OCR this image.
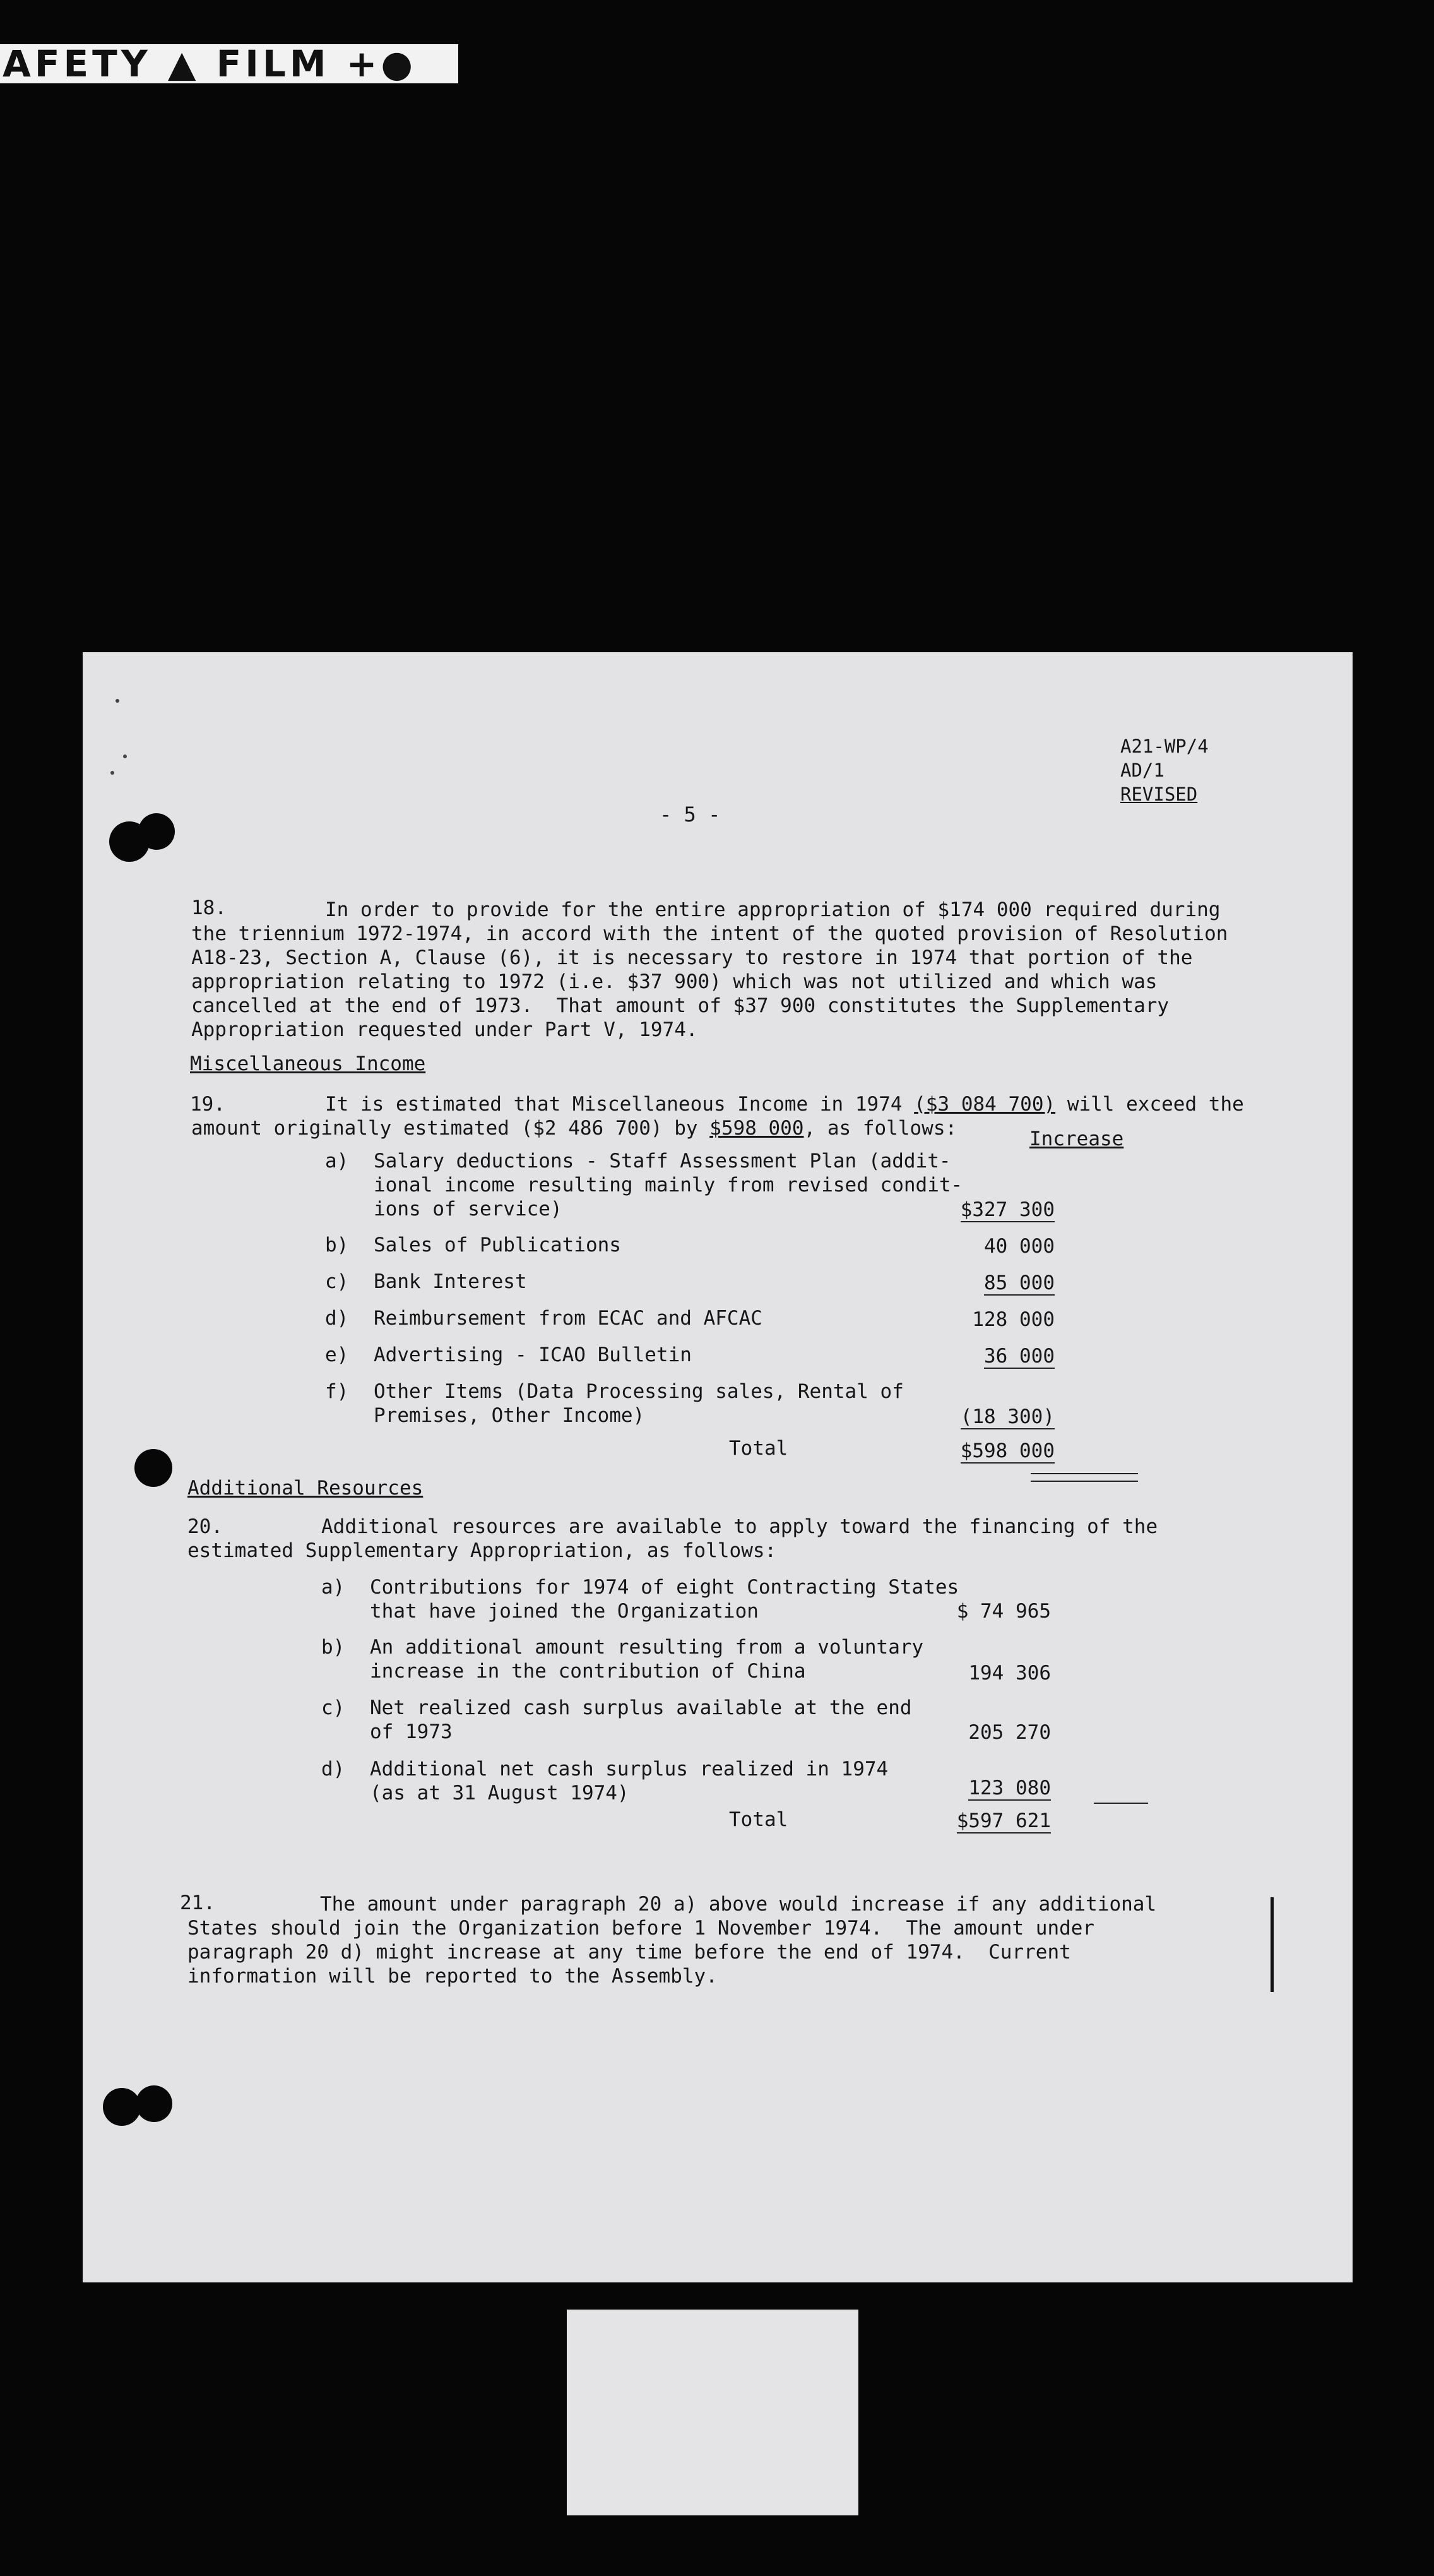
AFETY ▲ FILM +●
A21-WP/4
AD/1
REVISED
- 5 -
18.	In order to provide for the entire appropriation of $174 000 required during
the triennium 1972-1974, in accord with the intent of the quoted provision of Resolution
A18-23, Section A, Clause (6), it is necessary to restore in 1974 that portion of the
appropriation relating to 1972 (i.e. $37 900) which was not utilized and which was
cancelled at the end of 1973.  That amount of $37 900 constitutes the Supplementary
Appropriation requested under Part V, 1974.
Miscellaneous Income
19.	It is estimated that Miscellaneous Income in 1974 ($3 084 700) will exceed the
amount originally estimated ($2 486 700) by $598 000, as follows:	Increase
a) Salary deductions - Staff Assessment Plan (addit-
ional income resulting mainly from revised condit-
ions of service)	$327 300
b) Sales of Publications	40 000
c) Bank Interest	85 000
d) Reimbursement from ECAC and AFCAC	128 000
e) Advertising - ICAO Bulletin	36 000
f) Other Items (Data Processing sales, Rental of
Premises, Other Income)	(18 300)
Total	$598 000
Additional Resources
20.	Additional resources are available to apply toward the financing of the
estimated Supplementary Appropriation, as follows:
a) Contributions for 1974 of eight Contracting States
that have joined the Organization	$ 74 965
b) An additional amount resulting from a voluntary
increase in the contribution of China	194 306
c) Net realized cash surplus available at the end
of 1973	205 270
d) Additional net cash surplus realized in 1974
(as at 31 August 1974)	123 080
Total	$597 621
21.	The amount under paragraph 20 a) above would increase if any additional
States should join the Organization before 1 November 1974.  The amount under
paragraph 20 d) might increase at any time before the end of 1974.  Current
information will be reported to the Assembly.
